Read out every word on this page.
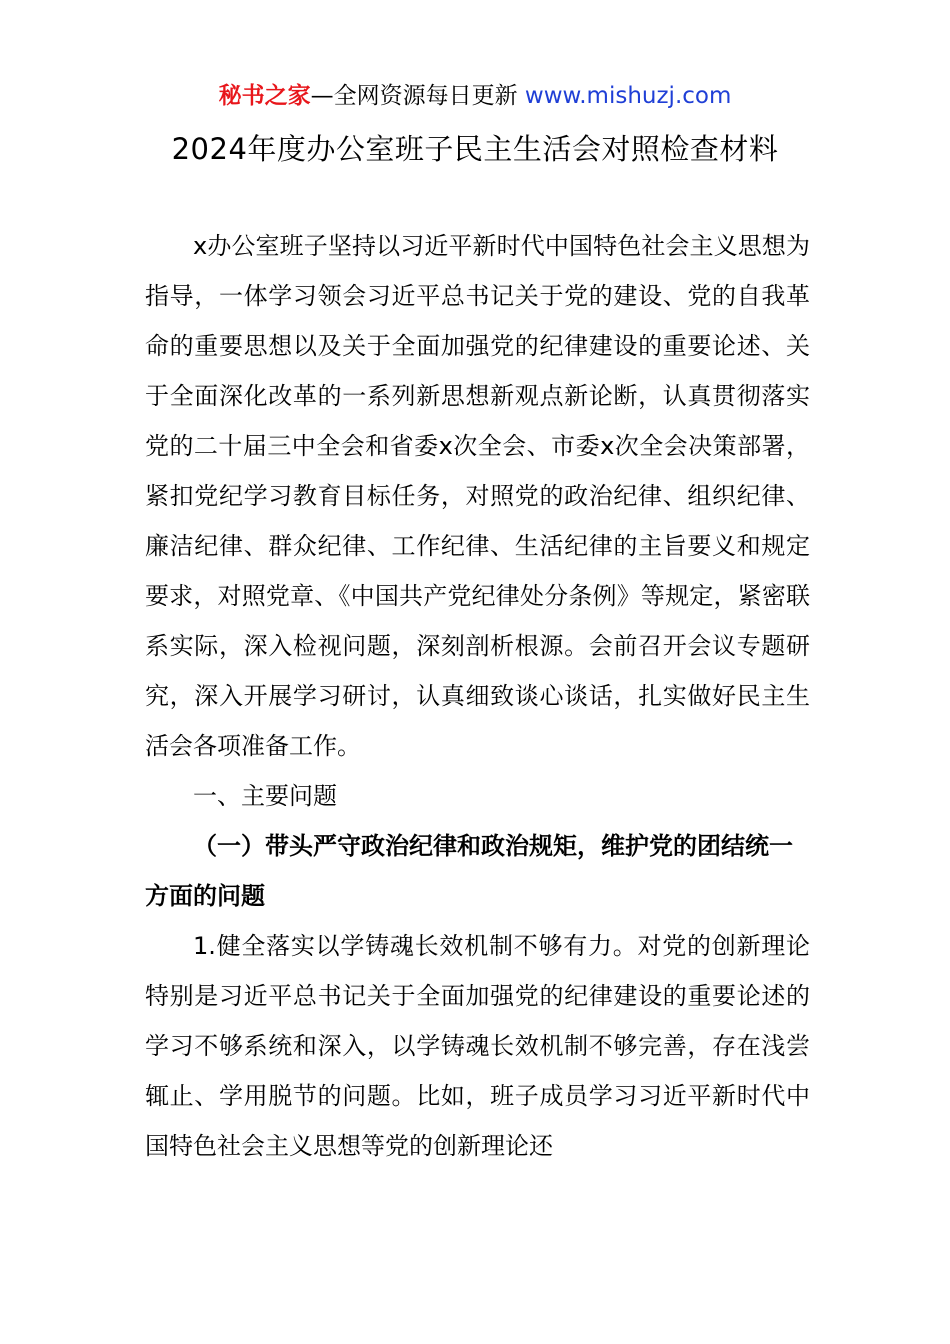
秘书之家—全网资源每日更新 www.mishuzj.com
2024年度办公室班子民主生活会对照检查材料

x办公室班子坚持以习近平新时代中国特色社会主义思想为指导，一体学习领会习近平总书记关于党的建设、党的自我革命的重要思想以及关于全面加强党的纪律建设的重要论述、关于全面深化改革的一系列新思想新观点新论断，认真贯彻落实党的二十届三中全会和省委x次全会、市委x次全会决策部署，紧扣党纪学习教育目标任务，对照党的政治纪律、组织纪律、廉洁纪律、群众纪律、工作纪律、生活纪律的主旨要义和规定要求，对照党章、《中国共产党纪律处分条例》等规定，紧密联系实际，深入检视问题，深刻剖析根源。会前召开会议专题研究，深入开展学习研讨，认真细致谈心谈话，扎实做好民主生活会各项准备工作。

一、主要问题

（一）带头严守政治纪律和政治规矩，维护党的团结统一方面的问题

1.健全落实以学铸魂长效机制不够有力。对党的创新理论特别是习近平总书记关于全面加强党的纪律建设的重要论述的学习不够系统和深入，以学铸魂长效机制不够完善，存在浅尝辄止、学用脱节的问题。比如，班子成员学习习近平新时代中国特色社会主义思想等党的创新理论还
